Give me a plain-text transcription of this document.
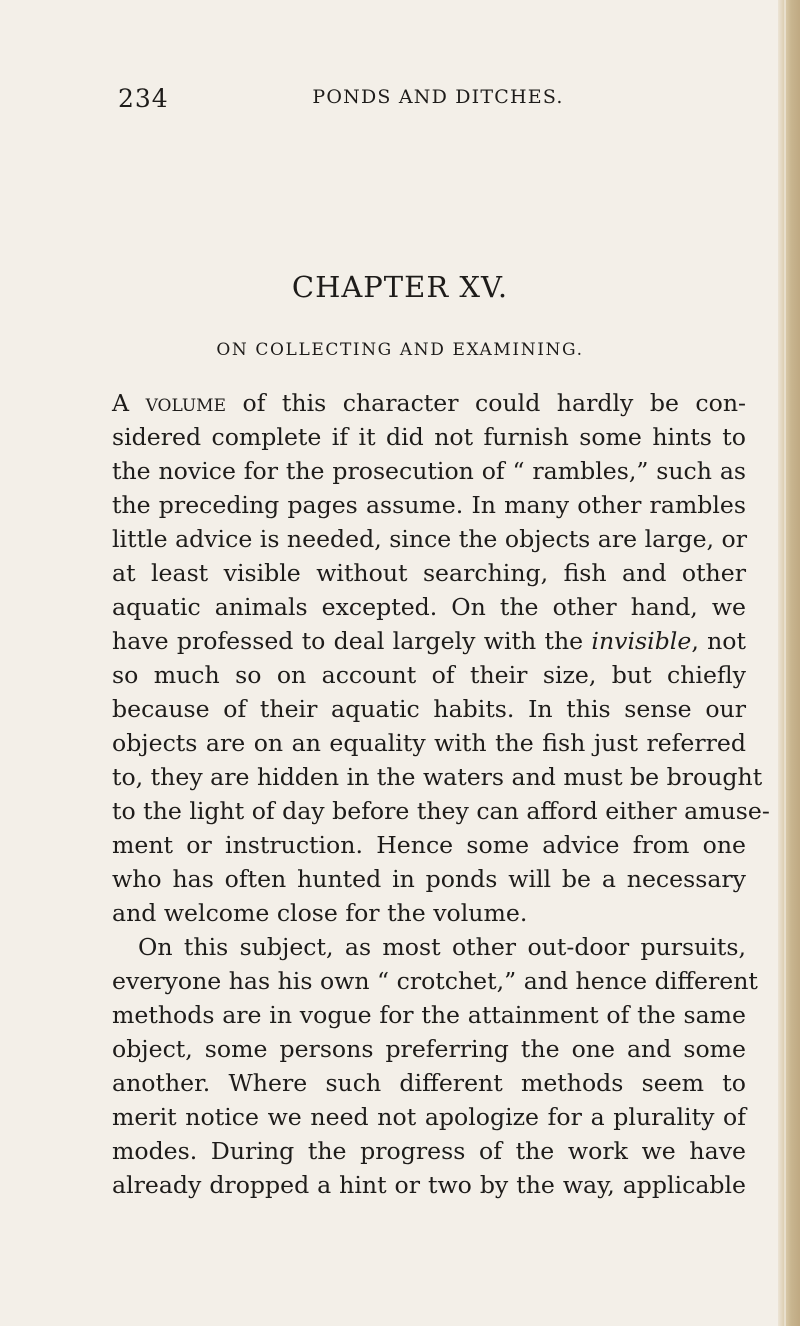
234	PONDS AND DITCHES.
CHAPTER XV.
ON COLLECTING AND EXAMINING.
A volume of this character could hardly be con-
sidered complete if it did not furnish some hints to
the novice for the prosecution of “ rambles,” such as
the preceding pages assume. In many other rambles
little advice is needed, since the objects are large, or
at least visible without searching, fish and other
aquatic animals excepted. On the other hand, we
have professed to deal largely with the invisible, not
so much so on account of their size, but chiefly
because of their aquatic habits. In this sense our
objects are on an equality with the fish just referred
to, they are hidden in the waters and must be brought
to the light of day before they can afford either amuse-
ment or instruction. Hence some advice from one
who has often hunted in ponds will be a necessary
and welcome close for the volume.
On this subject, as most other out-door pursuits,
everyone has his own “ crotchet,” and hence different
methods are in vogue for the attainment of the same
object, some persons preferring the one and some
another. Where such different methods seem to
merit notice we need not apologize for a plurality of
modes. During the progress of the work we have
already dropped a hint or two by the way, applicable
